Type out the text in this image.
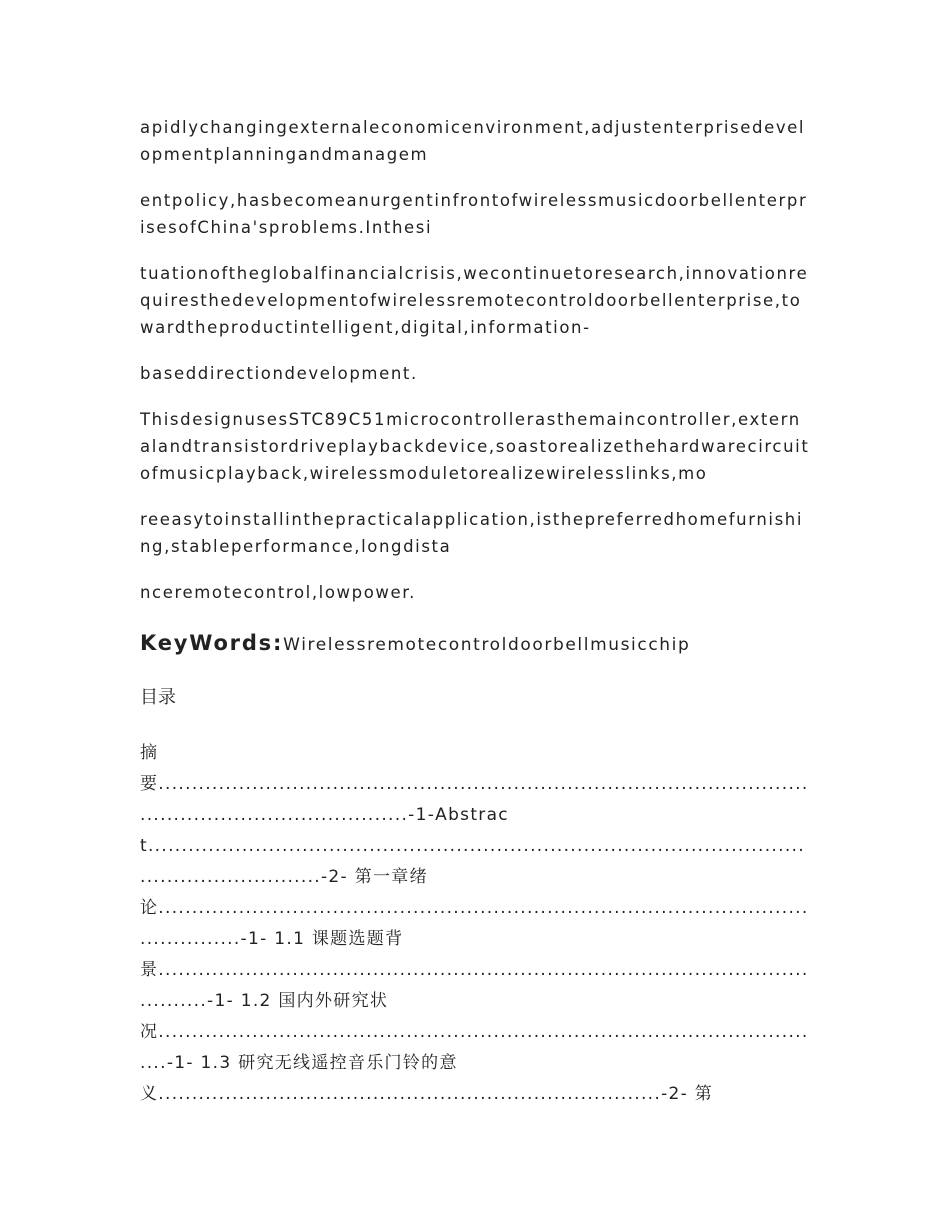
apidlychangingexternaleconomicenvironment,adjustenterprisedevelopmentplanningandmanagem

entpolicy,hasbecomeanurgentinfrontofwirelessmusicdoorbellenterprisesofChina'sproblems.Inthesi

tuationoftheglobalfinancialcrisis,wecontinuetoresearch,innovationrequiresthedevelopmentofwirelessremotecontroldoorbellenterprise,towardtheproductintelligent,digital,information-

baseddirectiondevelopment.

ThisdesignusesSTC89C51microcontrollerasthemaincontroller,externalandtransistordriveplaybackdevice,soastorealizethehardwarecircuitofmusicplayback,wirelessmoduletorealizewirelesslinks,mo

reeasytoinstallinthepracticalapplication,isthepreferredhomefurnishing,stableperformance,longdista

nceremotecontrol,lowpower.

KeyWords:Wirelessremotecontroldoorbellmusicchip
目录
摘要.........................................................................................................................................-1-Abstract.............................................................................................................................-2- 第一章绪论................................................................................................................-1- 1.1 课题选题背景...........................................................................................................-1- 1.2 国内外研究状况.....................................................................................................-1- 1.3 研究无线遥控音乐门铃的意义...........................................................................-2- 第
